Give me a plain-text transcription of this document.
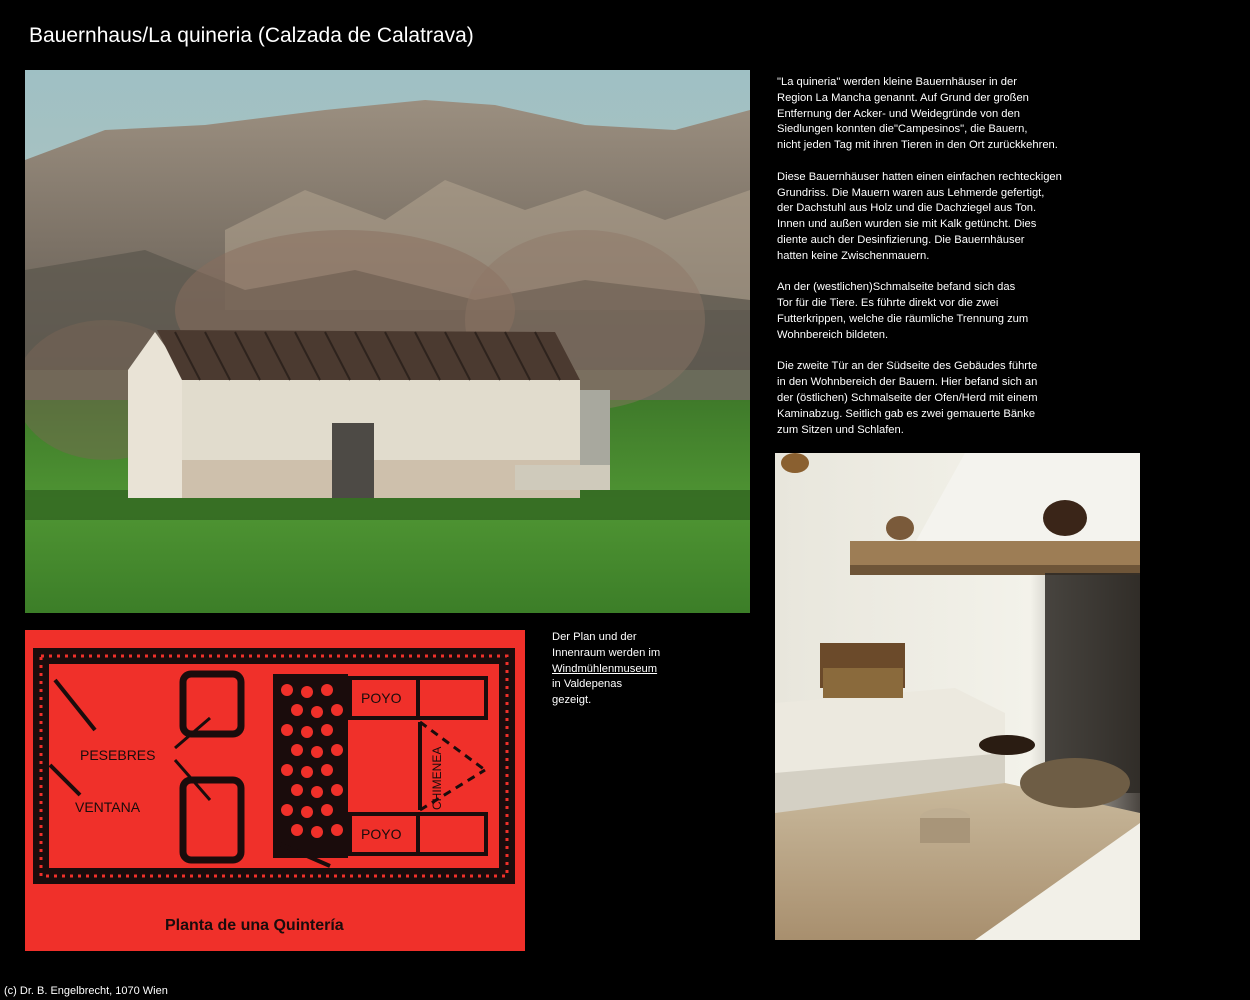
Bauernhaus/La quineria (Calzada de Calatrava)

"La quineria" werden kleine Bauernhäuser in der
Region La Mancha genannt. Auf Grund der großen
Entfernung der Acker- und Weidegründe von den
Siedlungen konnten die"Campesinos", die Bauern,
nicht jeden Tag mit ihren Tieren in den Ort zurückkehren.

Diese Bauernhäuser hatten einen einfachen rechteckigen
Grundriss. Die Mauern waren aus Lehmerde gefertigt,
der Dachstuhl aus Holz und die Dachziegel aus Ton.
Innen und außen wurden sie mit Kalk getüncht. Dies
diente auch der Desinfizierung. Die Bauernhäuser
hatten keine Zwischenmauern.

An der (westlichen)Schmalseite befand sich das
Tor für die Tiere. Es führte direkt vor die zwei
Futterkrippen, welche die räumliche Trennung zum
Wohnbereich bildeten.

Die zweite Tür an der Südseite des Gebäudes führte
in den Wohnbereich der Bauern. Hier befand sich an
der (östlichen) Schmalseite der Ofen/Herd mit einem
Kaminabzug. Seitlich gab es zwei gemauerte Bänke
zum Sitzen und Schlafen.

POYO
POYO
PESEBRES
VENTANA	CHIMENEA
Planta de una Quintería
Der Plan und der
Innenraum werden im
Windmühlenmuseum
in Valdepenas
gezeigt.
(c) Dr. B. Engelbrecht, 1070 Wien
